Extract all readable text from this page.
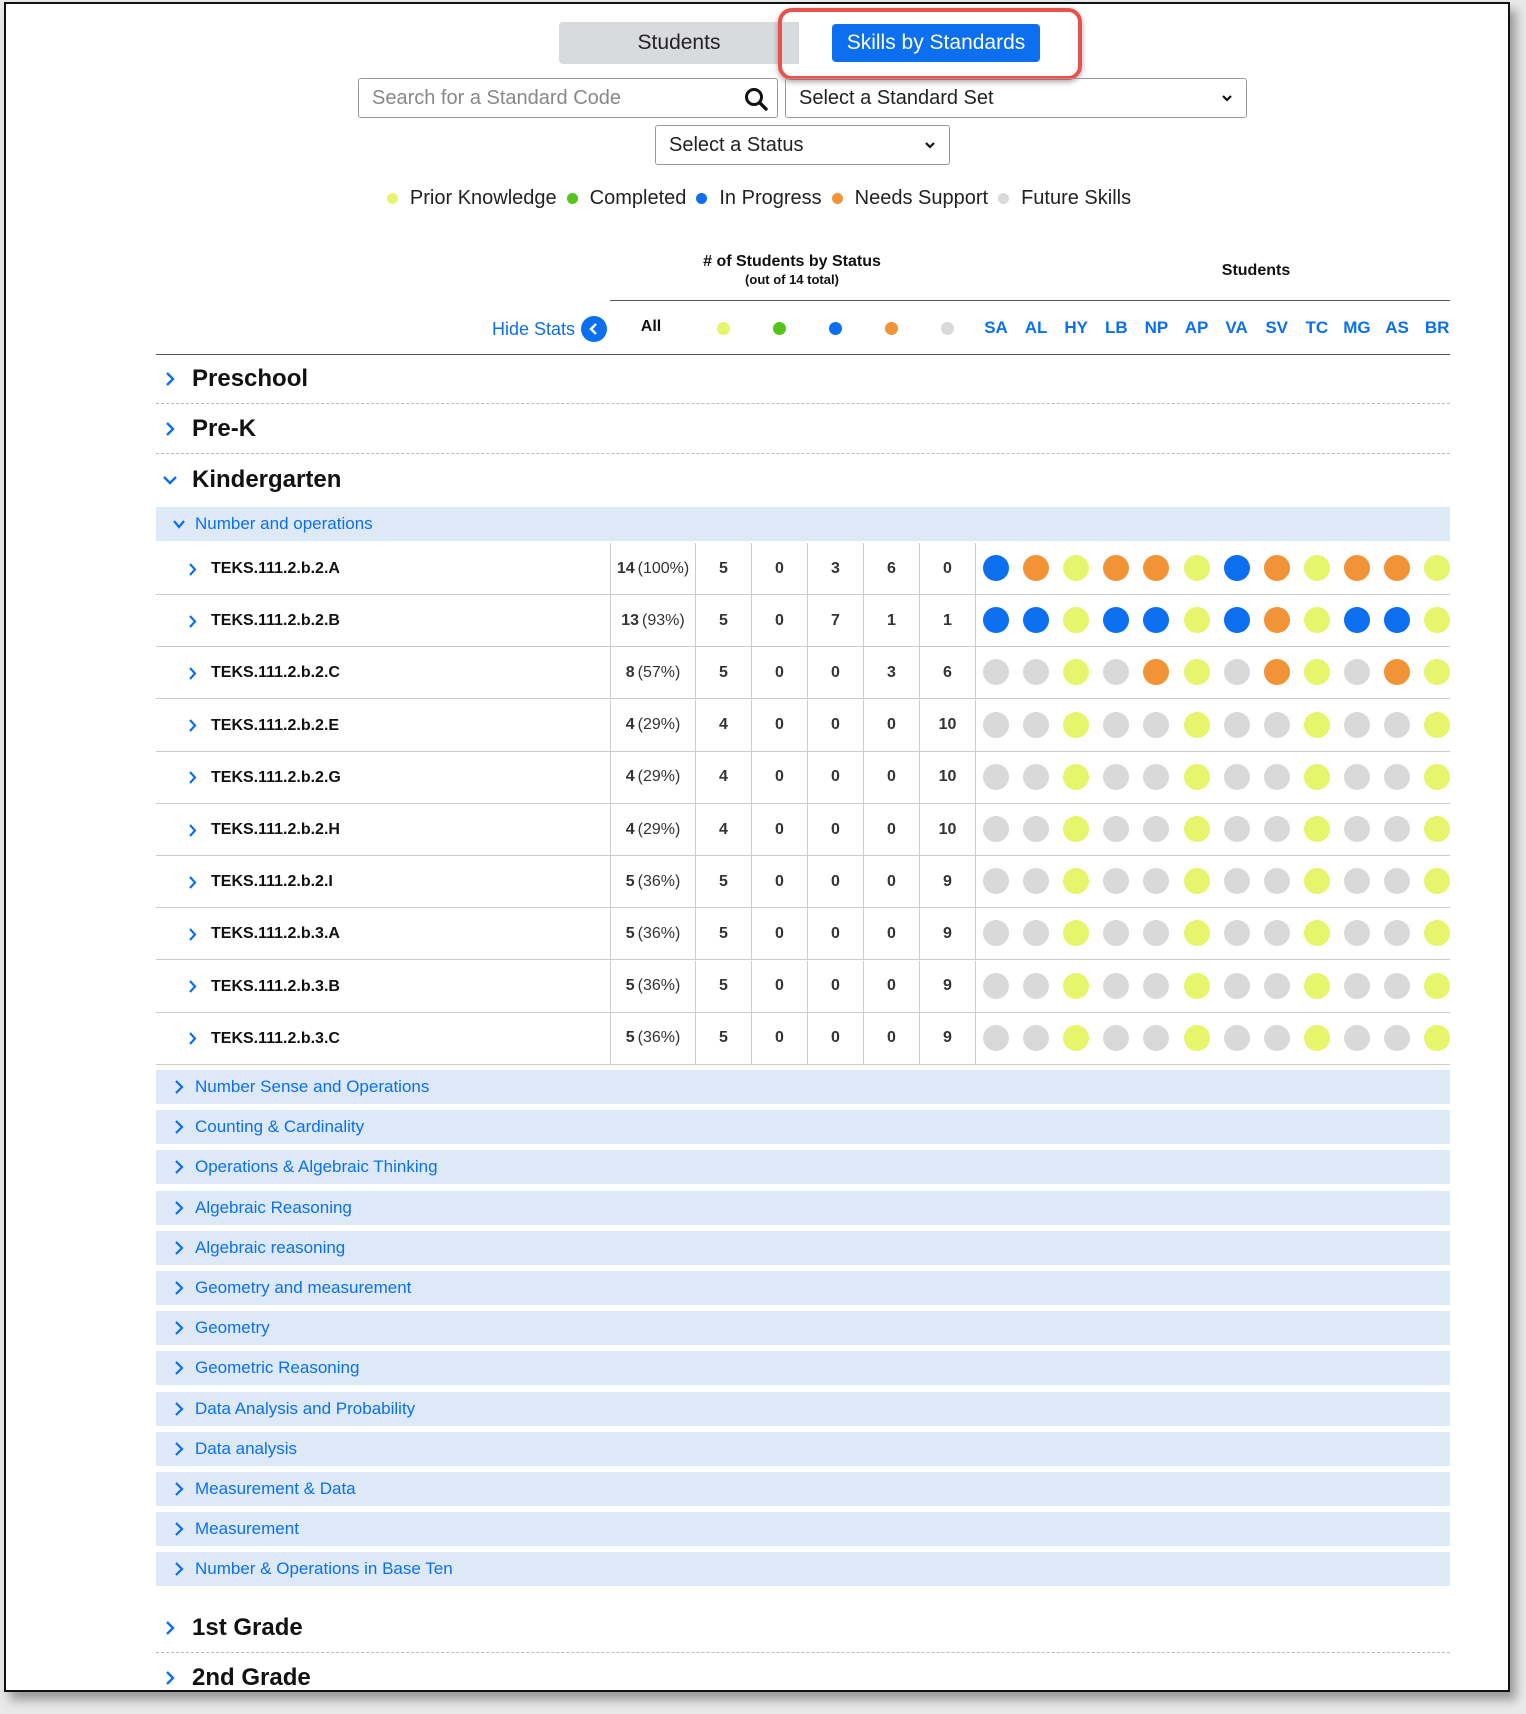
Students	Skills by Standards
Search for a Standard Code
Select a Standard Set
Select a Status
Prior Knowledge Completed In Progress Needs Support Future Skills
# of Students by Status
(out of 14 total)
Students
Hide Stats	All	SA AL HY LB NP AP	VA	SV	TC MG AS BR
Preschool
Pre-K
Kindergarten
Number and operations
TEKS.111.2.b.2.A	14 (100%)	5	0	3	6	0
TEKS.111.2.b.2.B	13 (93%)	5	0	7	1	1
TEKS.111.2.b.2.C	8 (57%)	5	0	0	3	6
TEKS.111.2.b.2.E	4 (29%)	4	0	0	0	10
TEKS.111.2.b.2.G	4 (29%)	4	0	0	0	10
TEKS.111.2.b.2.H	4 (29%)	4	0	0	0	10
TEKS.111.2.b.2.I	5 (36%)	5	0	0	0	9
TEKS.111.2.b.3.A	5 (36%)	5	0	0	0	9
TEKS.111.2.b.3.B	5 (36%)	5	0	0	0	9
TEKS.111.2.b.3.C	5 (36%)	5	0	0	0	9
Number Sense and Operations
Counting & Cardinality
Operations & Algebraic Thinking
Algebraic Reasoning
Algebraic reasoning
Geometry and measurement
Geometry
Geometric Reasoning
Data Analysis and Probability
Data analysis
Measurement & Data
Measurement
Number & Operations in Base Ten
1st Grade
2nd Grade
